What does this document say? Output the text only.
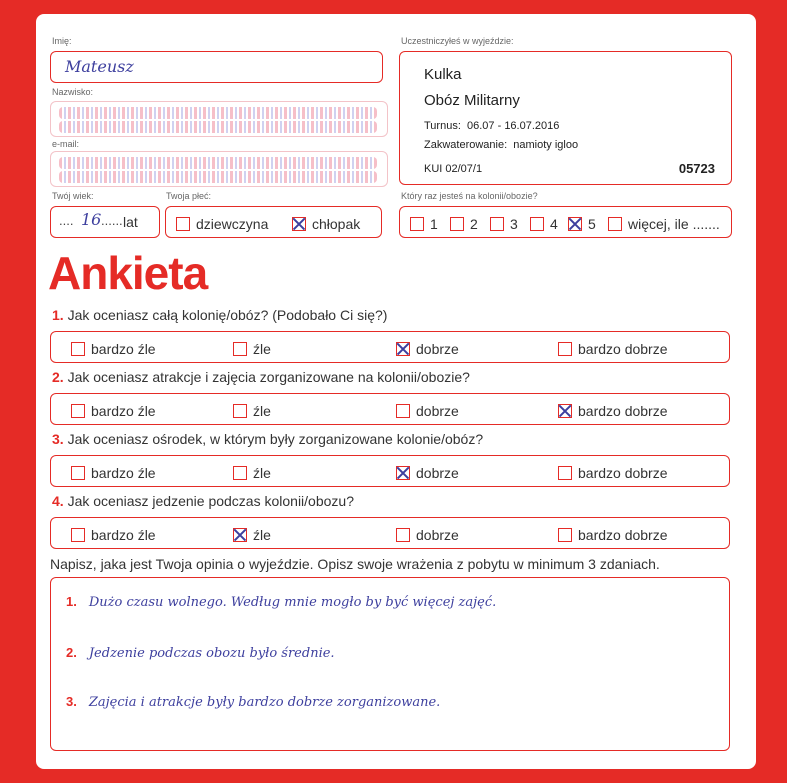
Imię:
Mateusz
Nazwisko:
e-mail:
Twój wiek:
.... 16 ...... lat
Twoja płeć:
dziewczyna	chłopak
Uczestniczyłeś w wyjeździe:
Kulka
Obóz Militarny
Turnus: 06.07 - 16.07.2016
Zakwaterowanie: namioty igloo
KUI 02/07/1	05723
Który raz jesteś na kolonii/obozie?
1	2	3	4	5	więcej, ile .......
Ankieta
1. Jak oceniasz całą kolonię/obóz? (Podobało Ci się?)
bardzo źle	źle	dobrze	bardzo dobrze
2. Jak oceniasz atrakcje i zajęcia zorganizowane na kolonii/obozie?
bardzo źle	źle	dobrze	bardzo dobrze
3. Jak oceniasz ośrodek, w którym były zorganizowane kolonie/obóz?
bardzo źle	źle	dobrze	bardzo dobrze
4. Jak oceniasz jedzenie podczas kolonii/obozu?
bardzo źle	źle	dobrze	bardzo dobrze
Napisz, jaka jest Twoja opinia o wyjeździe. Opisz swoje wrażenia z pobytu w minimum 3 zdaniach.
1. Dużo czasu wolnego. Według mnie mogło by być więcej zajęć.
2. Jedzenie podczas obozu było średnie.
3. Zajęcia i atrakcje były bardzo dobrze zorganizowane.
